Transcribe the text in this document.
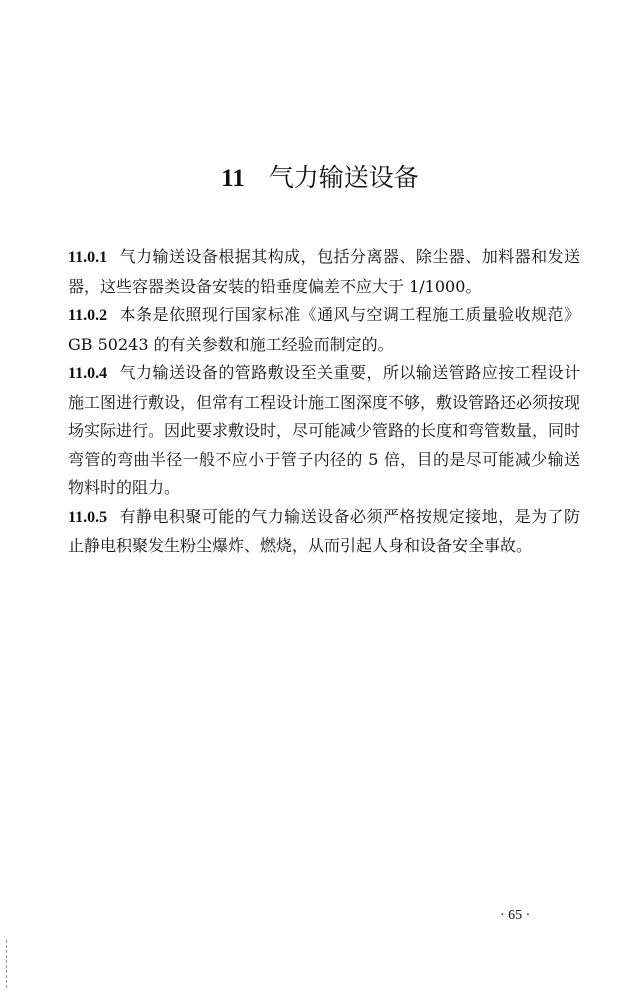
11 气力输送设备

11.0.1 气力输送设备根据其构成，包括分离器、除尘器、加料器和发送器，这些容器类设备安装的铅垂度偏差不应大于 1/1000。

11.0.2 本条是依照现行国家标准《通风与空调工程施工质量验收规范》GB 50243 的有关参数和施工经验而制定的。

11.0.4 气力输送设备的管路敷设至关重要，所以输送管路应按工程设计施工图进行敷设，但常有工程设计施工图深度不够，敷设管路还必须按现场实际进行。因此要求敷设时，尽可能减少管路的长度和弯管数量，同时弯管的弯曲半径一般不应小于管子内径的 5 倍，目的是尽可能减少输送物料时的阻力。

11.0.5 有静电积聚可能的气力输送设备必须严格按规定接地，是为了防止静电积聚发生粉尘爆炸、燃烧，从而引起人身和设备安全事故。

· 65 ·
